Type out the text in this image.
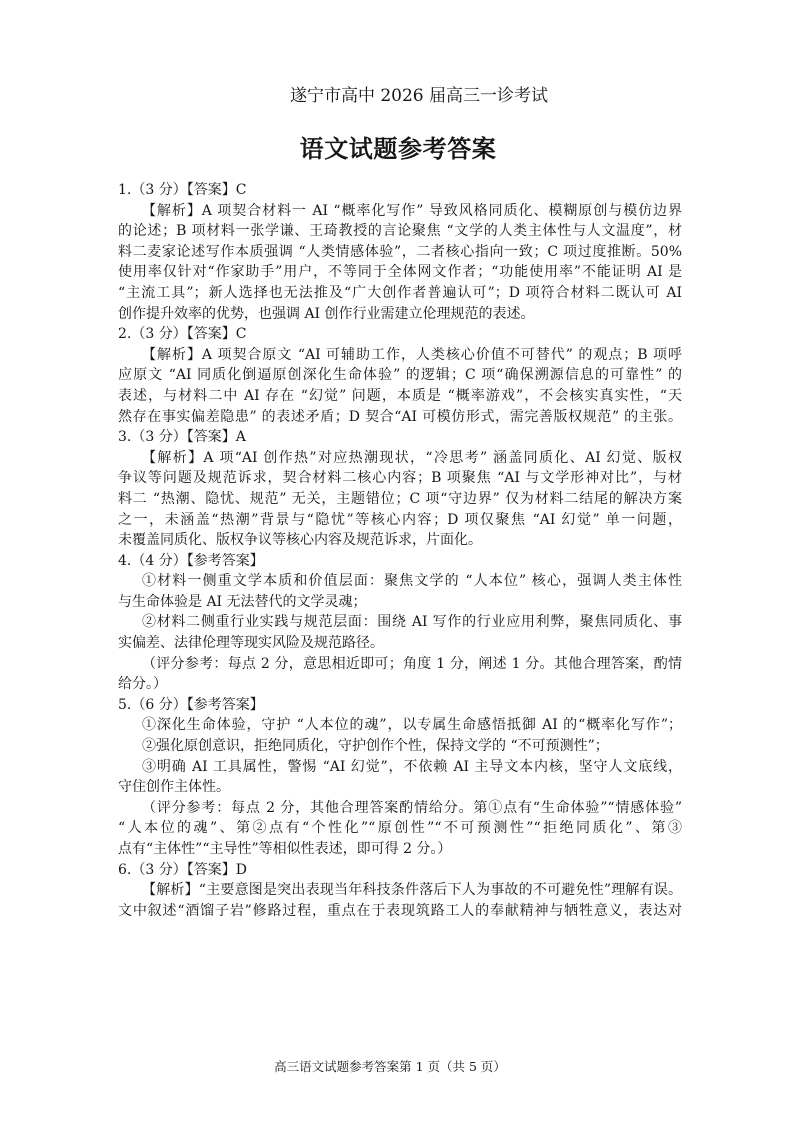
遂宁市高中 2026 届高三一诊考试
语文试题参考答案
1.（3 分）【答案】C
【解析】A 项契合材料一 AI “概率化写作” 导致风格同质化、模糊原创与模仿边界
的论述；B 项材料一张学谦、王琦教授的言论聚焦 “文学的人类主体性与人文温度”，材
料二麦家论述写作本质强调 “人类情感体验”，二者核心指向一致；C 项过度推断。50%
使用率仅针对“作家助手”用户，不等同于全体网文作者；“功能使用率”不能证明 AI 是
“主流工具”；新人选择也无法推及“广大创作者普遍认可”；D 项符合材料二既认可 AI
创作提升效率的优势，也强调 AI 创作行业需建立伦理规范的表述。
2.（3 分）【答案】C
【解析】A 项契合原文 “AI 可辅助工作，人类核心价值不可替代” 的观点；B 项呼
应原文 “AI 同质化倒逼原创深化生命体验” 的逻辑；C 项“确保溯源信息的可靠性” 的
表述，与材料二中 AI 存在 “幻觉” 问题，本质是 “概率游戏”，不会核实真实性，“天
然存在事实偏差隐患” 的表述矛盾；D 契合“AI 可模仿形式，需完善版权规范” 的主张。
3.（3 分）【答案】A
【解析】A 项“AI 创作热”对应热潮现状，“冷思考” 涵盖同质化、AI 幻觉、版权
争议等问题及规范诉求，契合材料二核心内容；B 项聚焦 “AI 与文学形神对比”，与材
料二 “热潮、隐忧、规范” 无关，主题错位；C 项“守边界” 仅为材料二结尾的解决方案
之一，未涵盖“热潮”背景与“隐忧”等核心内容；D 项仅聚焦 “AI 幻觉” 单一问题，
未覆盖同质化、版权争议等核心内容及规范诉求，片面化。
4.（4 分）【参考答案】
①材料一侧重文学本质和价值层面：聚焦文学的 “人本位” 核心，强调人类主体性
与生命体验是 AI 无法替代的文学灵魂；
②材料二侧重行业实践与规范层面：围绕 AI 写作的行业应用利弊，聚焦同质化、事
实偏差、法律伦理等现实风险及规范路径。
（评分参考：每点 2 分，意思相近即可；角度 1 分，阐述 1 分。其他合理答案，酌情
给分。）
5.（6 分）【参考答案】
①深化生命体验，守护 “人本位的魂”，以专属生命感悟抵御 AI 的“概率化写作”；
②强化原创意识，拒绝同质化，守护创作个性，保持文学的 “不可预测性”；
③明确 AI 工具属性，警惕 “AI 幻觉”，不依赖 AI 主导文本内核，坚守人文底线，
守住创作主体性。
（评分参考：每点 2 分，其他合理答案酌情给分。第①点有“生命体验”“情感体验”
“人本位的魂”、第②点有“个性化”“原创性”“不可预测性”“拒绝同质化”、第③
点有“主体性”“主导性”等相似性表述，即可得 2 分。）
6.（3 分）【答案】D
【解析】“主要意图是突出表现当年科技条件落后下人为事故的不可避免性”理解有误。
文中叙述“酒馏子岩”修路过程，重点在于表现筑路工人的奉献精神与牺牲意义，表达对
高三语文试题参考答案第 1 页（共 5 页）
